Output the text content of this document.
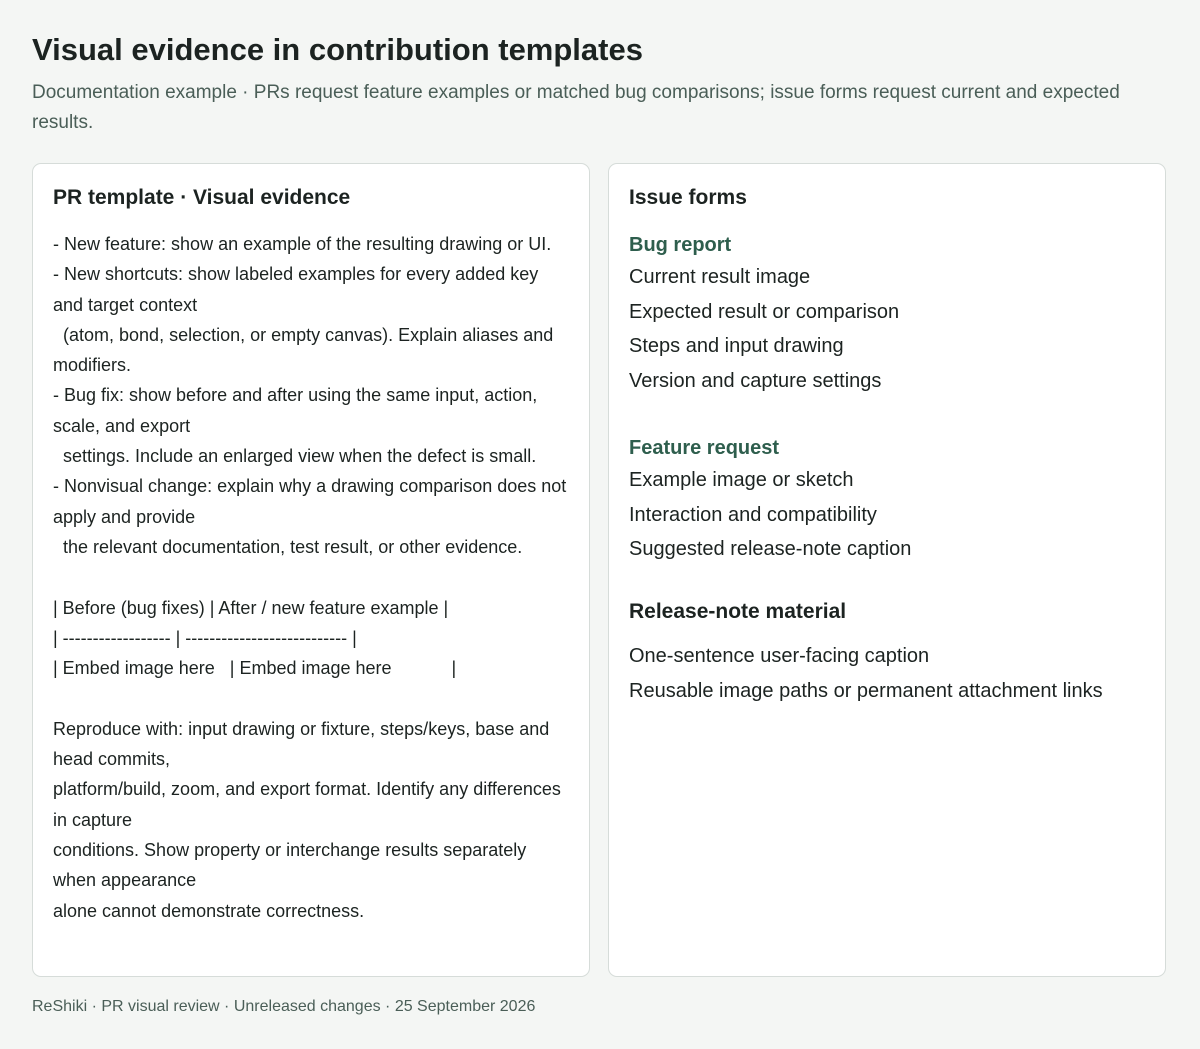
Visual evidence in contribution templates

Documentation example · PRs request feature examples or matched bug comparisons; issue forms request current and expected results.

PR template · Visual evidence
- New feature: show an example of the resulting drawing or UI.
- New shortcuts: show labeled examples for every added key and target context
(atom, bond, selection, or empty canvas). Explain aliases and modifiers.
- Bug fix: show before and after using the same input, action, scale, and export
settings. Include an enlarged view when the defect is small.
- Nonvisual change: explain why a drawing comparison does not apply and provide
the relevant documentation, test result, or other evidence.

| Before (bug fixes) | After / new feature example |
| ------------------ | --------------------------- |
| Embed image here   | Embed image here            |

Reproduce with: input drawing or fixture, steps/keys, base and head commits,
platform/build, zoom, and export format. Identify any differences in capture
conditions. Show property or interchange results separately when appearance
alone cannot demonstrate correctness.
Issue forms
Bug report
Current result image
Expected result or comparison
Steps and input drawing
Version and capture settings
Feature request
Example image or sketch
Interaction and compatibility
Suggested release-note caption
Release-note material
One-sentence user-facing caption
Reusable image paths or permanent attachment links
ReShiki · PR visual review · Unreleased changes · 25 September 2026
